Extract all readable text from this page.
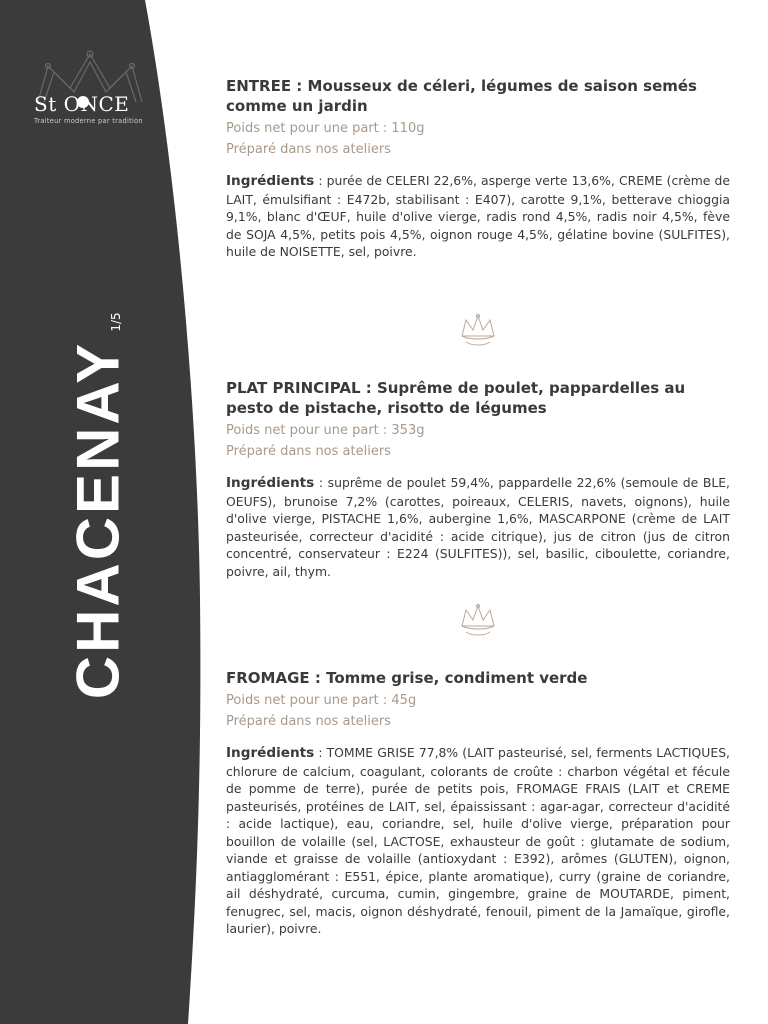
St ONCE
Traiteur moderne par tradition
CHACENAY
1/5
19/08/2016

ENTREE : Mousseux de céleri, légumes de saison semés comme un jardin

Poids net pour une part : 110g
Préparé dans nos ateliers
Ingrédients : purée de CELERI 22,6%, asperge verte 13,6%, CREME (crème de LAIT, émulsifiant : E472b, stabilisant : E407), carotte 9,1%, betterave chioggia 9,1%, blanc d'ŒUF, huile d'olive vierge, radis rond 4,5%, radis noir 4,5%, fève de SOJA 4,5%, petits pois 4,5%, oignon rouge 4,5%, gélatine bovine (SULFITES), huile de NOISETTE, sel, poivre.

PLAT PRINCIPAL : Suprême de poulet, pappardelles au pesto de pistache, risotto de légumes

Poids net pour une part : 353g
Préparé dans nos ateliers
Ingrédients : suprême de poulet 59,4%, pappardelle 22,6% (semoule de BLE, OEUFS), brunoise 7,2% (carottes, poireaux, CELERIS, navets, oignons), huile d'olive vierge, PISTACHE 1,6%, aubergine 1,6%, MASCARPONE (crème de LAIT pasteurisée, correcteur d'acidité : acide citrique), jus de citron (jus de citron concentré, conservateur : E224 (SULFITES)), sel, basilic, ciboulette, coriandre, poivre, ail, thym.

FROMAGE : Tomme grise, condiment verde

Poids net pour une part : 45g
Préparé dans nos ateliers
Ingrédients : TOMME GRISE 77,8% (LAIT pasteurisé, sel, ferments LACTIQUES, chlorure de calcium, coagulant, colorants de croûte : charbon végétal et fécule de pomme de terre), purée de petits pois, FROMAGE FRAIS (LAIT et CREME pasteurisés, protéines de LAIT, sel, épaississant : agar-agar, correcteur d'acidité : acide lactique), eau, coriandre, sel, huile d'olive vierge, préparation pour bouillon de volaille (sel, LACTOSE, exhausteur de goût : glutamate de sodium, viande et graisse de volaille (antioxydant : E392), arômes (GLUTEN), oignon, antiagglomérant : E551, épice, plante aromatique), curry (graine de coriandre, ail déshydraté, curcuma, cumin, gingembre, graine de MOUTARDE, piment, fenugrec, sel, macis, oignon déshydraté, fenouil, piment de la Jamaïque, girofle, laurier), poivre.
